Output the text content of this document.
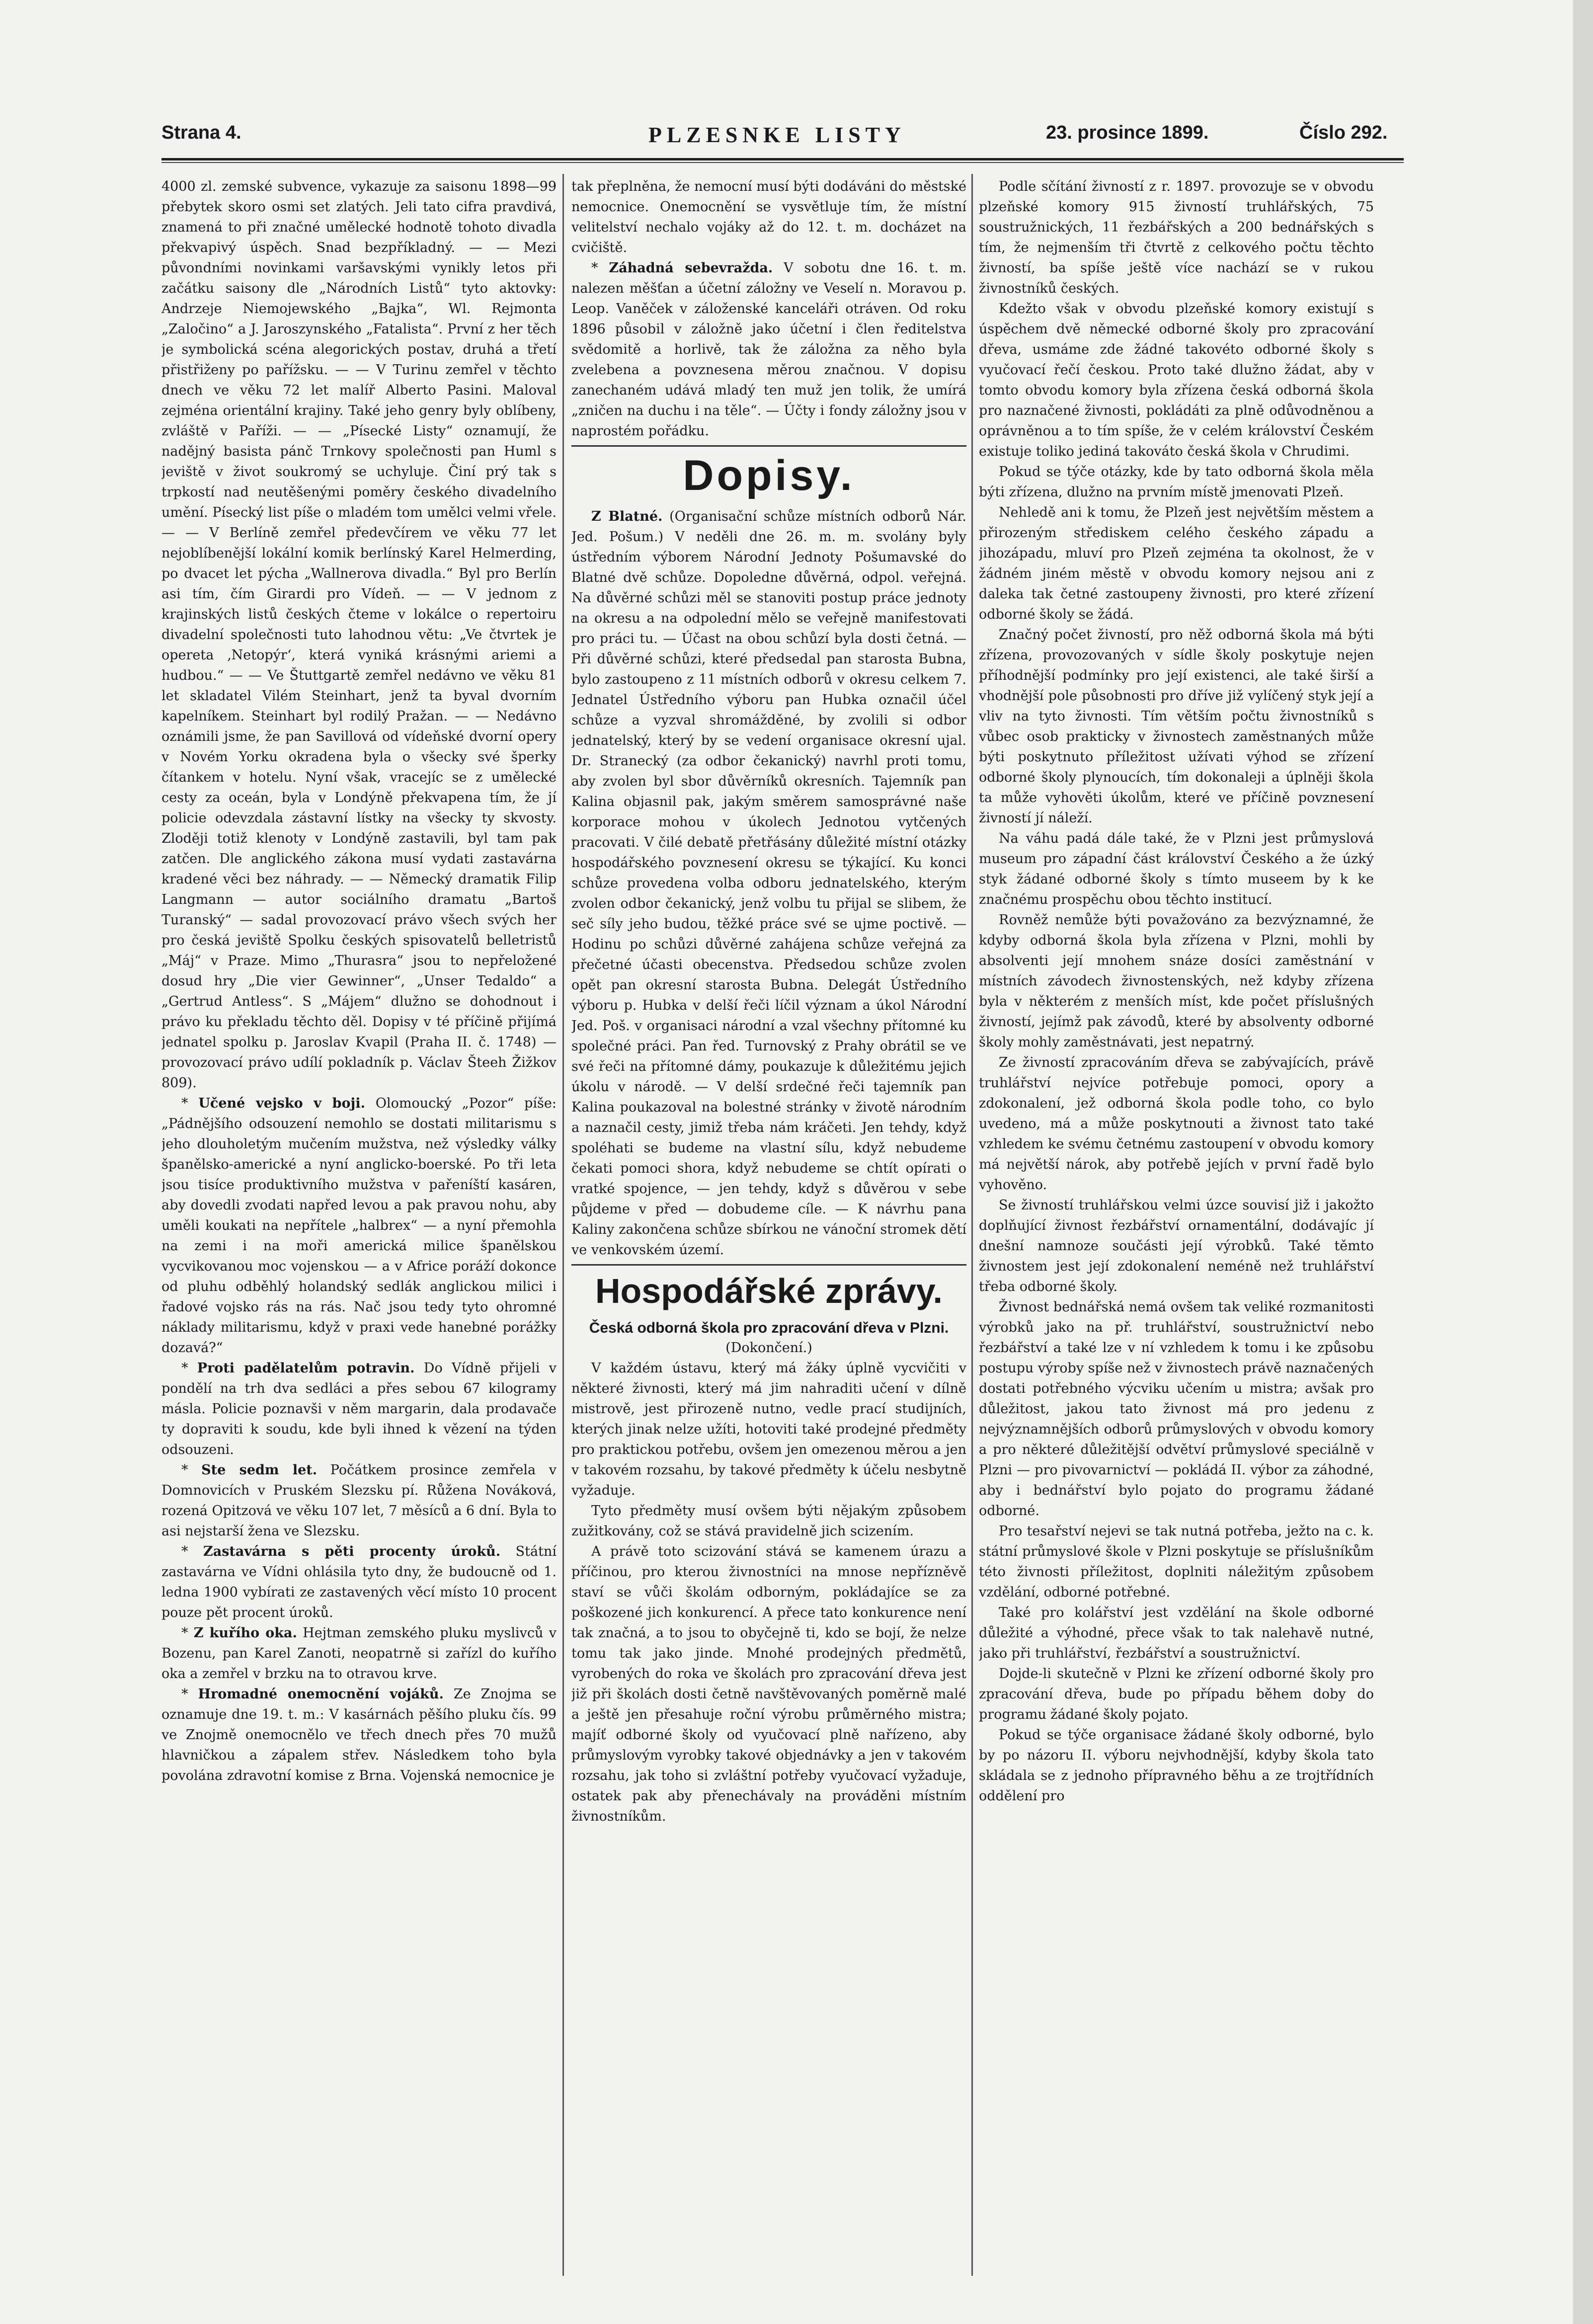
Strana 4.	PLZESNKE LISTY	23. prosince 1899.	Číslo 292.

4000 zl. zemské subvence, vykazuje za saisonu 1898—99 přebytek skoro osmi set zlatých. Jeli tato cifra pravdivá, znamená to při značné umělecké hodnotě tohoto divadla překvapivý úspěch. Snad bezpříkladný. — — Mezi půvondními novinkami varšavskými vynikly letos při začátku saisony dle „Národních Listů“ tyto aktovky: Andrzeje Niemojewského „Bajka“, Wl. Rejmonta „Zaločino“ a J. Jaroszynského „Fatalista“. První z her těch je symbolická scéna alegorických postav, druhá a třetí přistřiženy po pařížsku. — — V Turinu zemřel v těchto dnech ve věku 72 let malíř Alberto Pasini. Maloval zejména orientální krajiny. Také jeho genry byly oblíbeny, zvláště v Paříži. — — „Písecké Listy“ oznamují, že nadějný basista pánč Trnkovy společnosti pan Huml s jeviště v život soukromý se uchyluje. Činí prý tak s trpkostí nad neutěšenými poměry českého divadelního umění. Písecký list píše o mladém tom umělci velmi vřele. — — V Berlíně zemřel předevčírem ve věku 77 let nejoblíbenější lokální komik berlínský Karel Helmerding, po dvacet let pýcha „Wallnerova divadla.“ Byl pro Berlín asi tím, čím Girardi pro Vídeň. — — V jednom z krajinských listů českých čteme v lokálce o repertoiru divadelní společnosti tuto lahodnou větu: „Ve čtvrtek je opereta ‚Netopýr‘, která vyniká krásnými ariemi a hudbou.“ — — Ve Štuttgartě zemřel nedávno ve věku 81 let skladatel Vilém Steinhart, jenž ta byval dvorním kapelníkem. Steinhart byl rodilý Pražan. — — Nedávno oznámili jsme, že pan Savillová od vídeňské dvorní opery v Novém Yorku okradena byla o všecky své šperky čítankem v hotelu. Nyní však, vracejíc se z umělecké cesty za oceán, byla v Londýně překvapena tím, že jí policie odevzdala zástavní lístky na všecky ty skvosty. Zloději totiž klenoty v Londýně zastavili, byl tam pak zatčen. Dle anglického zákona musí vydati zastavárna kradené věci bez náhrady. — — Německý dramatik Filip Langmann — autor sociálního dramatu „Bartoš Turanský“ — sadal provozovací právo všech svých her pro česká jeviště Spolku českých spisovatelů belletristů „Máj“ v Praze. Mimo „Thurasra“ jsou to nepřeložené dosud hry „Die vier Gewinner“, „Unser Tedaldo“ a „Gertrud Antless“. S „Májem“ dlužno se dohodnout i právo ku překladu těchto děl. Dopisy v té příčině přijímá jednatel spolku p. Jaroslav Kvapil (Praha II. č. 1748) — provozovací právo udílí pokladník p. Václav Šteeh Žižkov 809).

* Učené vejsko v boji. Olomoucký „Pozor“ píše: „Pádnějšího odsouzení nemohlo se dostati militarismu s jeho dlouholetým mučením mužstva, než výsledky války španělsko-americké a nyní anglicko-boerské. Po tři leta jsou tisíce produktivního mužstva v pařeníští kasáren, aby dovedli zvodati napřed levou a pak pravou nohu, aby uměli koukati na nepřítele „halbrex“ — a nyní přemohla na zemi i na moři americká milice španělskou vycvikovanou moc vojenskou — a v Africe poráží dokonce od pluhu odběhlý holandský sedlák anglickou milici i řadové vojsko rás na rás. Nač jsou tedy tyto ohromné náklady militarismu, když v praxi vede hanebné porážky dozavá?“

* Proti padělatelům potravin. Do Vídně přijeli v pondělí na trh dva sedláci a přes sebou 67 kilogramy másla. Policie poznavši v něm margarin, dala prodavače ty dopraviti k soudu, kde byli ihned k vězení na týden odsouzeni.

* Ste sedm let. Počátkem prosince zemřela v Domnovicích v Pruském Slezsku pí. Růžena Nováková, rozená Opitzová ve věku 107 let, 7 měsíců a 6 dní. Byla to asi nejstarší žena ve Slezsku.

* Zastavárna s pěti procenty úroků. Státní zastavárna ve Vídni ohlásila tyto dny, že budoucně od 1. ledna 1900 vybírati ze zastavených věcí místo 10 procent pouze pět procent úroků.

* Z kuřího oka. Hejtman zemského pluku myslivců v Bozenu, pan Karel Zanoti, neopatrně si zařízl do kuřího oka a zemřel v brzku na to otravou krve.

* Hromadné onemocnění vojáků. Ze Znojma se oznamuje dne 19. t. m.: V kasárnách pěšího pluku čís. 99 ve Znojmě onemocnělo ve třech dnech přes 70 mužů hlavničkou a zápalem střev. Následkem toho byla povolána zdravotní komise z Brna. Vojenská nemocnice je

tak přeplněna, že nemocní musí býti dodáváni do městské nemocnice. Onemocnění se vysvětluje tím, že místní velitelství nechalo vojáky až do 12. t. m. docházet na cvičiště.

* Záhadná sebevražda. V sobotu dne 16. t. m. nalezen měšťan a účetní záložny ve Veselí n. Moravou p. Leop. Vaněček v záloženské kanceláři otráven. Od roku 1896 působil v záložně jako účetní i člen ředitelstva svědomitě a horlivě, tak že záložna za něho byla zvelebena a povznesena měrou značnou. V dopisu zanechaném udává mladý ten muž jen tolik, že umírá „zničen na duchu i na těle“. — Účty i fondy záložny jsou v naprostém pořádku.

Dopisy.

Z Blatné. (Organisační schůze místních odborů Nár. Jed. Pošum.) V neděli dne 26. m. m. svolány byly ústředním výborem Národní Jednoty Pošumavské do Blatné dvě schůze. Dopoledne důvěrná, odpol. veřejná. Na důvěrné schůzi měl se stanoviti postup práce jednoty na okresu a na odpolední mělo se veřejně manifestovati pro práci tu. — Účast na obou schůzí byla dosti četná. — Při důvěrné schůzi, které předsedal pan starosta Bubna, bylo zastoupeno z 11 místních odborů v okresu celkem 7. Jednatel Ústředního výboru pan Hubka označil účel schůze a vyzval shromážděné, by zvolili si odbor jednatelský, který by se vedení organisace okresní ujal. Dr. Stranecký (za odbor čekanický) navrhl proti tomu, aby zvolen byl sbor důvěrníků okresních. Tajemník pan Kalina objasnil pak, jakým směrem samosprávné naše korporace mohou v úkolech Jednotou vytčených pracovati. V čilé debatě přetřásány důležité místní otázky hospodářského povznesení okresu se týkající. Ku konci schůze provedena volba odboru jednatelského, kterým zvolen odbor čekanický, jenž volbu tu přijal se slibem, že seč síly jeho budou, těžké práce své se ujme poctivě. — Hodinu po schůzi důvěrné zahájena schůze veřejná za přečetné účasti obecenstva. Předsedou schůze zvolen opět pan okresní starosta Bubna. Delegát Ústředního výboru p. Hubka v delší řeči líčil význam a úkol Národní Jed. Poš. v organisaci národní a vzal všechny přítomné ku společné práci. Pan řed. Turnovský z Prahy obrátil se ve své řeči na přítomné dámy, poukazuje k důležitému jejich úkolu v národě. — V delší srdečné řeči tajemník pan Kalina poukazoval na bolestné stránky v životě národním a naznačil cesty, jimiž třeba nám kráčeti. Jen tehdy, když spoléhati se budeme na vlastní sílu, když nebudeme čekati pomoci shora, když nebudeme se chtít opírati o vratké spojence, — jen tehdy, když s důvěrou v sebe půjdeme v před — dobudeme cíle. — K návrhu pana Kaliny zakončena schůze sbírkou ne vánoční stromek dětí ve venkovském území.

Hospodářské zprávy.
Česká odborná škola pro zpracování dřeva v Plzni.
(Dokončení.)

V každém ústavu, který má žáky úplně vycvičiti v některé živnosti, který má jim nahraditi učení v dílně mistrově, jest přirozeně nutno, vedle prací studijních, kterých jinak nelze užíti, hotoviti také prodejné předměty pro praktickou potřebu, ovšem jen omezenou měrou a jen v takovém rozsahu, by takové předměty k účelu nesbytně vyžaduje.

Tyto předměty musí ovšem býti nějakým způsobem zužitkovány, což se stává pravidelně jich scizením.

A právě toto scizování stává se kamenem úrazu a příčinou, pro kterou živnostníci na mnose nepřízněvě staví se vůči školám odborným, pokládajíce se za poškozené jich konkurencí. A přece tato konkurence není tak značná, a to jsou to obyčejně ti, kdo se bojí, že nelze tomu tak jako jinde. Mnohé prodejných předmětů, vyrobených do roka ve školách pro zpracování dřeva jest již při školách dosti četně navštěvovaných poměrně malé a ještě jen přesahuje roční výrobu průměrného mistra; majíť odborné školy od vyučovací plně nařízeno, aby průmyslovým vyrobky takové objednávky a jen v takovém rozsahu, jak toho si zvláštní potřeby vyučovací vyžaduje, ostatek pak aby přenechávaly na prováděni místním živnostníkům.

Podle sčítání živností z r. 1897. provozuje se v obvodu plzeňské komory 915 živností truhlářských, 75 soustružnických, 11 řezbářských a 200 bednářských s tím, že nejmenším tři čtvrtě z celkového počtu těchto živností, ba spíše ještě více nachází se v rukou živnostníků českých.

Kdežto však v obvodu plzeňské komory existují s úspěchem dvě německé odborné školy pro zpracování dřeva, usmáme zde žádné takovéto odborné školy s vyučovací řečí českou. Proto také dlužno žádat, aby v tomto obvodu komory byla zřízena česká odborná škola pro naznačené živnosti, pokládáti za plně odůvodněnou a oprávněnou a to tím spíše, že v celém království Českém existuje toliko jediná takováto česká škola v Chrudimi.

Pokud se týče otázky, kde by tato odborná škola měla býti zřízena, dlužno na prvním místě jmenovati Plzeň.

Nehledě ani k tomu, že Plzeň jest největším městem a přirozeným střediskem celého českého západu a jihozápadu, mluví pro Plzeň zejména ta okolnost, že v žádném jiném městě v obvodu komory nejsou ani z daleka tak četné zastoupeny živnosti, pro které zřízení odborné školy se žádá.

Značný počet živností, pro něž odborná škola má býti zřízena, provozovaných v sídle školy poskytuje nejen příhodnější podmínky pro její existenci, ale také širší a vhodnější pole působnosti pro dříve již vylíčený styk její a vliv na tyto živnosti. Tím větším počtu živnostníků s vůbec osob prakticky v živnostech zaměstnaných může býti poskytnuto příležitost užívati výhod se zřízení odborné školy plynoucích, tím dokonaleji a úplněji škola ta může vyhověti úkolům, které ve příčině povznesení živností jí náleží.

Na váhu padá dále také, že v Plzni jest průmyslová museum pro západní část království Českého a že úzký styk žádané odborné školy s tímto museem by k ke značnému prospěchu obou těchto institucí.

Rovněž nemůže býti považováno za bezvýznamné, že kdyby odborná škola byla zřízena v Plzni, mohli by absolventi její mnohem snáze dosíci zaměstnání v místních závodech živnostenských, než kdyby zřízena byla v některém z menších míst, kde počet příslušných živností, jejímž pak závodů, které by absolventy odborné školy mohly zaměstnávati, jest nepatrný.

Ze živností zpracováním dřeva se zabývajících, právě truhlářství nejvíce potřebuje pomoci, opory a zdokonalení, jež odborná škola podle toho, co bylo uvedeno, má a může poskytnouti a živnost tato také vzhledem ke svému četnému zastoupení v obvodu komory má největší nárok, aby potřebě jejích v první řadě bylo vyhověno.

Se živností truhlářskou velmi úzce souvisí již i jakožto doplňující živnost řezbářství ornamentální, dodávajíc jí dnešní namnoze součásti její výrobků. Také těmto živnostem jest její zdokonalení neméně než truhlářství třeba odborné školy.

Živnost bednářská nemá ovšem tak veliké rozmanitosti výrobků jako na př. truhlářství, soustružnictví nebo řezbářství a také lze v ní vzhledem k tomu i ke způsobu postupu výroby spíše než v živnostech právě naznačených dostati potřebného výcviku učením u mistra; avšak pro důležitost, jakou tato živnost má pro jedenu z nejvýznamnějších odborů průmyslových v obvodu komory a pro některé důležitější odvětví průmyslové speciálně v Plzni — pro pivovarnictví — pokládá II. výbor za záhodné, aby i bednářství bylo pojato do programu žádané odborné.

Pro tesařství nejevi se tak nutná potřeba, ježto na c. k. státní průmyslové škole v Plzni poskytuje se příslušníkům této živnosti příležitost, doplniti náležitým způsobem vzdělání, odborné potřebné.

Také pro kolářství jest vzdělání na škole odborné důležité a výhodné, přece však to tak nalehavě nutné, jako při truhlářství, řezbářství a soustružnictví.

Dojde-li skutečně v Plzni ke zřízení odborné školy pro zpracování dřeva, bude po případu během doby do programu žádané školy pojato.

Pokud se týče organisace žádané školy odborné, bylo by po názoru II. výboru nejvhodnější, kdyby škola tato skládala se z jednoho přípravného běhu a ze trojtřídních oddělení pro
